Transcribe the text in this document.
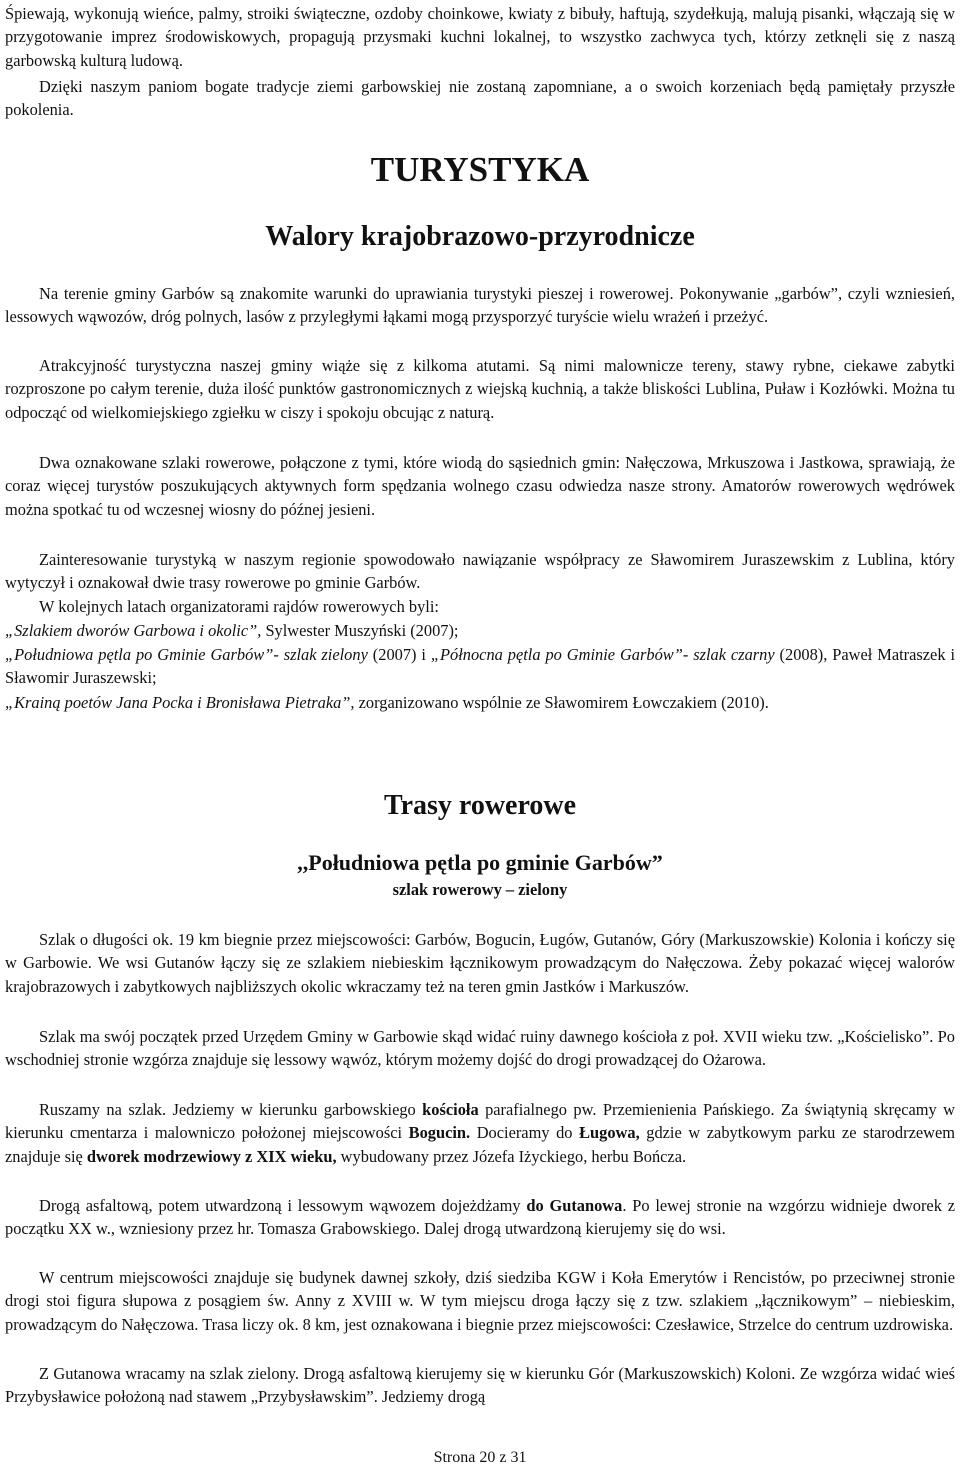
Śpiewają, wykonują wieńce, palmy, stroiki świąteczne, ozdoby choinkowe, kwiaty z bibuły, haftują, szydełkują, malują pisanki, włączają się w przygotowanie imprez środowiskowych, propagują przysmaki kuchni lokalnej, to wszystko zachwyca tych, którzy zetknęli się z naszą garbowską kulturą ludową.

Dzięki naszym paniom bogate tradycje ziemi garbowskiej nie zostaną zapomniane, a o swoich korzeniach będą pamiętały przyszłe pokolenia.

TURYSTYKA
Walory krajobrazowo-przyrodnicze

Na terenie gminy Garbów są znakomite warunki do uprawiania turystyki pieszej i rowerowej. Pokonywanie „garbów”, czyli wzniesień, lessowych wąwozów, dróg polnych, lasów z przyległymi łąkami mogą przysporzyć turyście wielu wrażeń i przeżyć.

Atrakcyjność turystyczna naszej gminy wiąże się z kilkoma atutami. Są nimi malownicze tereny, stawy rybne, ciekawe zabytki rozproszone po całym terenie, duża ilość punktów gastronomicznych z wiejską kuchnią, a także bliskości Lublina, Puław i Kozłówki. Można tu odpocząć od wielkomiejskiego zgiełku w ciszy i spokoju obcując z naturą.

Dwa oznakowane szlaki rowerowe, połączone z tymi, które wiodą do sąsiednich gmin: Nałęczowa, Mrkuszowa i Jastkowa, sprawiają, że coraz więcej turystów poszukujących aktywnych form spędzania wolnego czasu odwiedza nasze strony. Amatorów rowerowych wędrówek można spotkać tu od wczesnej wiosny do późnej jesieni.

Zainteresowanie turystyką w naszym regionie spowodowało nawiązanie współpracy ze Sławomirem Juraszewskim z Lublina, który wytyczył i oznakował dwie trasy rowerowe po gminie Garbów.

W kolejnych latach organizatorami rajdów rowerowych byli:

„Szlakiem dworów Garbowa i okolic”, Sylwester Muszyński (2007);

„Południowa pętla po Gminie Garbów”- szlak zielony (2007) i „Północna pętla po Gminie Garbów”- szlak czarny (2008), Paweł Matraszek i Sławomir Juraszewski;

„Krainą poetów Jana Pocka i Bronisława Pietraka”, zorganizowano wspólnie ze Sławomirem Łowczakiem (2010).

Trasy rowerowe
,,Południowa pętla po gminie Garbów”
szlak rowerowy – zielony

Szlak o długości ok. 19 km biegnie przez miejscowości: Garbów, Bogucin, Ługów, Gutanów, Góry (Markuszowskie) Kolonia i kończy się w Garbowie. We wsi Gutanów łączy się ze szlakiem niebieskim łącznikowym prowadzącym do Nałęczowa. Żeby pokazać więcej walorów krajobrazowych i zabytkowych najbliższych okolic wkraczamy też na teren gmin Jastków i Markuszów.

Szlak ma swój początek przed Urzędem Gminy w Garbowie skąd widać ruiny dawnego kościoła z poł. XVII wieku tzw. „Kościelisko”. Po wschodniej stronie wzgórza znajduje się lessowy wąwóz, którym możemy dojść do drogi prowadzącej do Ożarowa.

Ruszamy na szlak. Jedziemy w kierunku garbowskiego kościoła parafialnego pw. Przemienienia Pańskiego. Za świątynią skręcamy w kierunku cmentarza i malowniczo położonej miejscowości Bogucin. Docieramy do Ługowa, gdzie w zabytkowym parku ze starodrzewem znajduje się dworek modrzewiowy z XIX wieku, wybudowany przez Józefa Iżyckiego, herbu Bończa.

Drogą asfaltową, potem utwardzoną i lessowym wąwozem dojeżdżamy do Gutanowa. Po lewej stronie na wzgórzu widnieje dworek z początku XX w., wzniesiony przez hr. Tomasza Grabowskiego. Dalej drogą utwardzoną kierujemy się do wsi.

W centrum miejscowości znajduje się budynek dawnej szkoły, dziś siedziba KGW i Koła Emerytów i Rencistów, po przeciwnej stronie drogi stoi figura słupowa z posągiem św. Anny z XVIII w. W tym miejscu droga łączy się z tzw. szlakiem „łącznikowym” – niebieskim, prowadzącym do Nałęczowa. Trasa liczy ok. 8 km, jest oznakowana i biegnie przez miejscowości: Czesławice, Strzelce do centrum uzdrowiska.

Z Gutanowa wracamy na szlak zielony. Drogą asfaltową kierujemy się w kierunku Gór (Markuszowskich) Koloni. Ze wzgórza widać wieś Przybysławice położoną nad stawem „Przybysławskim”. Jedziemy drogą

Strona 20 z 31
